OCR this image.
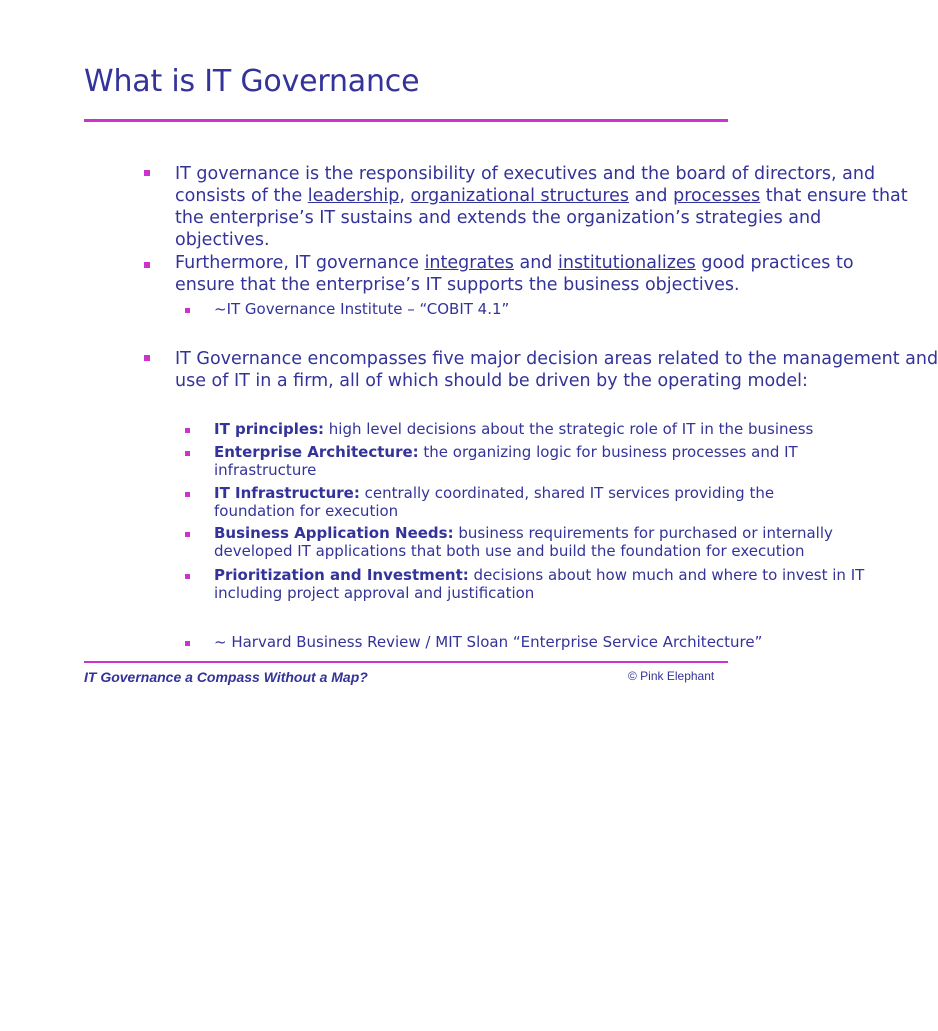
What is IT Governance
IT governance is the responsibility of executives and the board of directors, and
consists of the leadership, organizational structures and processes that ensure that
the enterprise’s IT sustains and extends the organization’s strategies and
objectives.
Furthermore, IT governance integrates and institutionalizes good practices to
ensure that the enterprise’s IT supports the business objectives.
~IT Governance Institute – “COBIT 4.1”
IT Governance encompasses five major decision areas related to the management and
use of IT in a firm, all of which should be driven by the operating model:
IT principles: high level decisions about the strategic role of IT in the business
Enterprise Architecture: the organizing logic for business processes and IT
infrastructure
IT Infrastructure: centrally coordinated, shared IT services providing the
foundation for execution
Business Application Needs: business requirements for purchased or internally
developed IT applications that both use and build the foundation for execution
Prioritization and Investment: decisions about how much and where to invest in IT
including project approval and justification
~ Harvard Business Review / MIT Sloan “Enterprise Service Architecture”
IT Governance a Compass Without a Map?	© Pink Elephant
